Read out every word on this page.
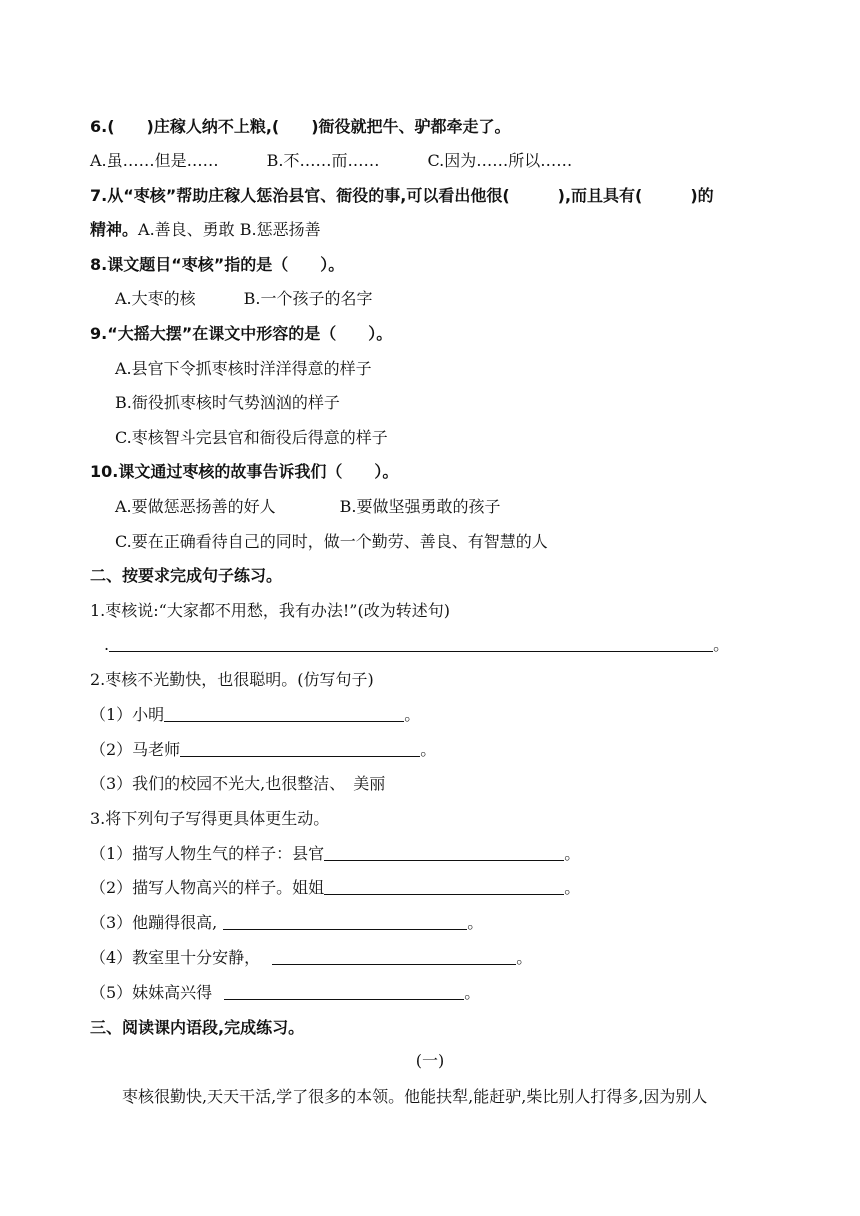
6.(　　)庄稼人纳不上粮,(　　)衙役就把牛、驴都牵走了。
A.虽……但是……　　　B.不……而……　　　C.因为……所以……
7.从“枣核”帮助庄稼人惩治县官、衙役的事,可以看出他很(　　　),而且具有(　　　)的
精神。A.善良、勇敢 B.惩恶扬善
8.课文题目“枣核”指的是（　　）。
A.大枣的核　　　B.一个孩子的名字
9.“大摇大摆”在课文中形容的是（　　）。
A.县官下令抓枣核时洋洋得意的样子
B.衙役抓枣核时气势汹汹的样子
C.枣核智斗完县官和衙役后得意的样子
10.课文通过枣核的故事告诉我们（　　）。
A.要做惩恶扬善的好人　　　　B.要做坚强勇敢的孩子
C.要在正确看待自己的同时，做一个勤劳、善良、有智慧的人
二、按要求完成句子练习。
1.枣核说:“大家都不用愁，我有办法!”(改为转述句)
.	。
2.枣核不光勤快，也很聪明。(仿写句子)
（1）小明	。
（2）马老师	。
（3）我们的校园不光大,也很整洁、　美丽
3.将下列句子写得更具体更生动。
（1）描写人物生气的样子：县官	。
（2）描写人物高兴的样子。姐姐	。
（3）他蹦得很高,	。
（4）教室里十分安静，	。
（5）妹妹高兴得	。
三、阅读课内语段,完成练习。
(一)
枣核很勤快,天天干活,学了很多的本领。他能扶犁,能赶驴,柴比别人打得多,因为别人
